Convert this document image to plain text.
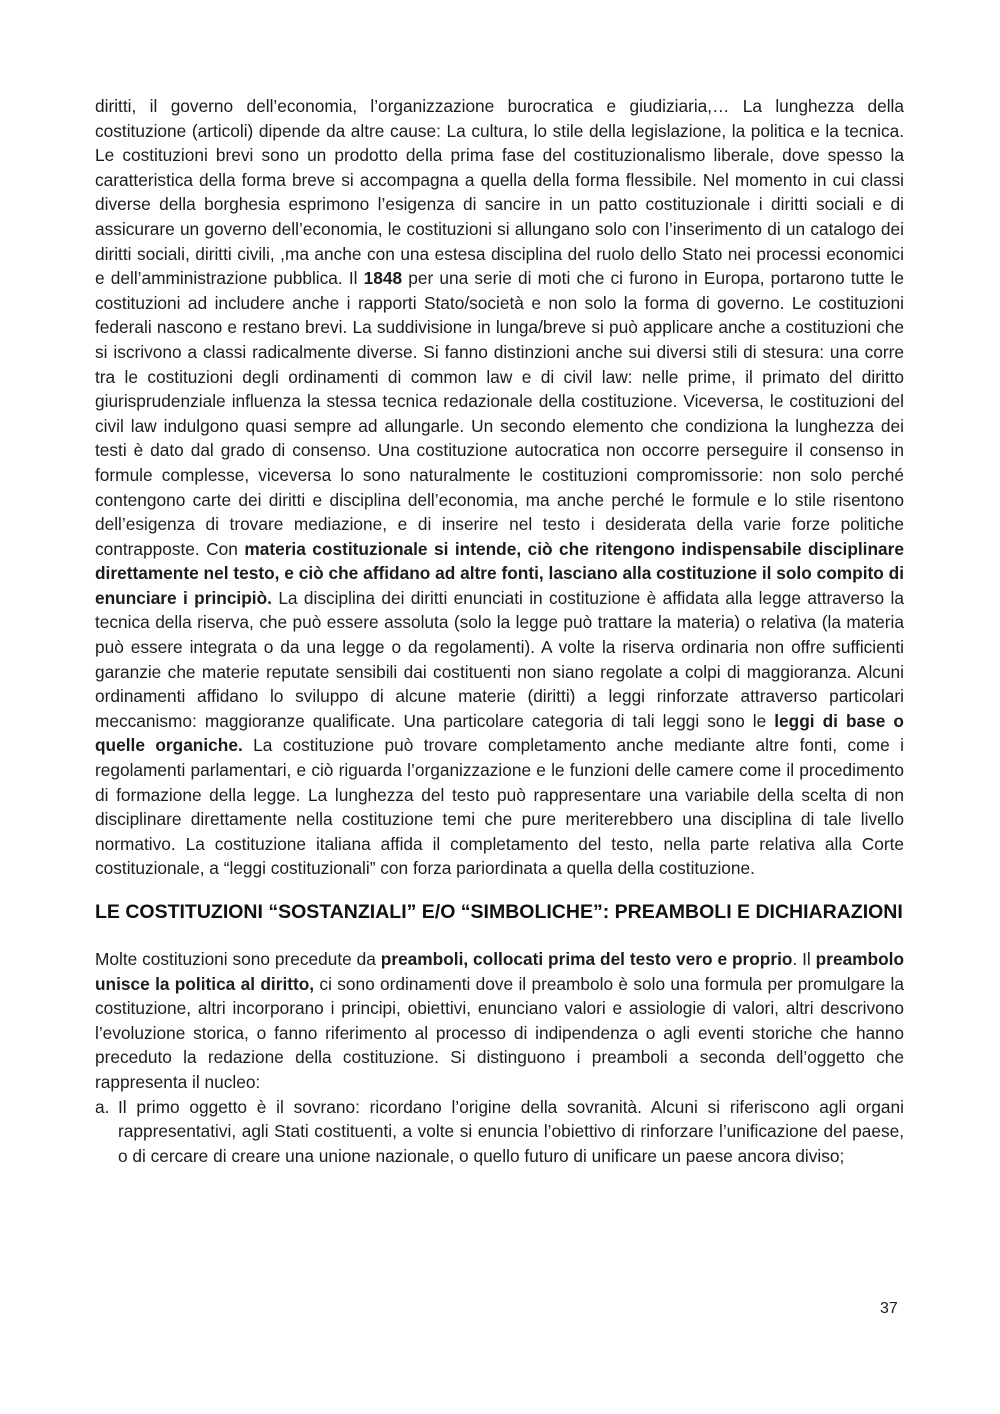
diritti, il governo dell’economia, l’organizzazione burocratica e giudiziaria,… La lunghezza della costituzione (articoli) dipende da altre cause: La cultura, lo stile della legislazione, la politica e la tecnica. Le costituzioni brevi sono un prodotto della prima fase del costituzionalismo liberale, dove spesso la caratteristica della forma breve si accompagna a quella della forma flessibile. Nel momento in cui classi diverse della borghesia esprimono l’esigenza di sancire in un patto costituzionale i diritti sociali e di assicurare un governo dell’economia, le costituzioni si allungano solo con l’inserimento di un catalogo dei diritti sociali, diritti civili, ,ma anche con una estesa disciplina del ruolo dello Stato nei processi economici e dell’amministrazione pubblica. Il 1848 per una serie di moti che ci furono in Europa, portarono tutte le costituzioni ad includere anche i rapporti Stato/società e non solo la forma di governo. Le costituzioni federali nascono e restano brevi. La suddivisione in lunga/breve si può applicare anche a costituzioni che si iscrivono a classi radicalmente diverse. Si fanno distinzioni anche sui diversi stili di stesura: una corre tra le costituzioni degli ordinamenti di common law e di civil law: nelle prime, il primato del diritto giurisprudenziale influenza la stessa tecnica redazionale della costituzione. Viceversa, le costituzioni del civil law indulgono quasi sempre ad allungarle. Un secondo elemento che condiziona la lunghezza dei testi è dato dal grado di consenso. Una costituzione autocratica non occorre perseguire il consenso in formule complesse, viceversa lo sono naturalmente le costituzioni compromissorie: non solo perché contengono carte dei diritti e disciplina dell’economia, ma anche perché le formule e lo stile risentono dell’esigenza di trovare mediazione, e di inserire nel testo i desiderata della varie forze politiche contrapposte. Con materia costituzionale si intende, ciò che ritengono indispensabile disciplinare direttamente nel testo, e ciò che affidano ad altre fonti, lasciano alla costituzione il solo compito di enunciare i principiò. La disciplina dei diritti enunciati in costituzione è affidata alla legge attraverso la tecnica della riserva, che può essere assoluta (solo la legge può trattare la materia) o relativa (la materia può essere integrata o da una legge o da regolamenti). A volte la riserva ordinaria non offre sufficienti garanzie che materie reputate sensibili dai costituenti non siano regolate a colpi di maggioranza. Alcuni ordinamenti affidano lo sviluppo di alcune materie (diritti) a leggi rinforzate attraverso particolari meccanismo: maggioranze qualificate. Una particolare categoria di tali leggi sono le leggi di base o quelle organiche. La costituzione può trovare completamento anche mediante altre fonti, come i regolamenti parlamentari, e ciò riguarda l’organizzazione e le funzioni delle camere come il procedimento di formazione della legge. La lunghezza del testo può rappresentare una variabile della scelta di non disciplinare direttamente nella costituzione temi che pure meriterebbero una disciplina di tale livello normativo. La costituzione italiana affida il completamento del testo, nella parte relativa alla Corte costituzionale, a “leggi costituzionali” con forza pariordinata a quella della costituzione.

LE COSTITUZIONI “SOSTANZIALI” E/O “SIMBOLICHE”: PREAMBOLI E DICHIARAZIONI

Molte costituzioni sono precedute da preamboli, collocati prima del testo vero e proprio. Il preambolo unisce la politica al diritto, ci sono ordinamenti dove il preambolo è solo una formula per promulgare la costituzione, altri incorporano i principi, obiettivi, enunciano valori e assiologie di valori, altri descrivono l’evoluzione storica, o fanno riferimento al processo di indipendenza o agli eventi storiche che hanno preceduto la redazione della costituzione. Si distinguono i preamboli a seconda dell’oggetto che rappresenta il nucleo:

a. Il primo oggetto è il sovrano: ricordano l’origine della sovranità. Alcuni si riferiscono agli organi rappresentativi, agli Stati costituenti, a volte si enuncia l’obiettivo di rinforzare l’unificazione del paese, o di cercare di creare una unione nazionale, o quello futuro di unificare un paese ancora diviso;
37
